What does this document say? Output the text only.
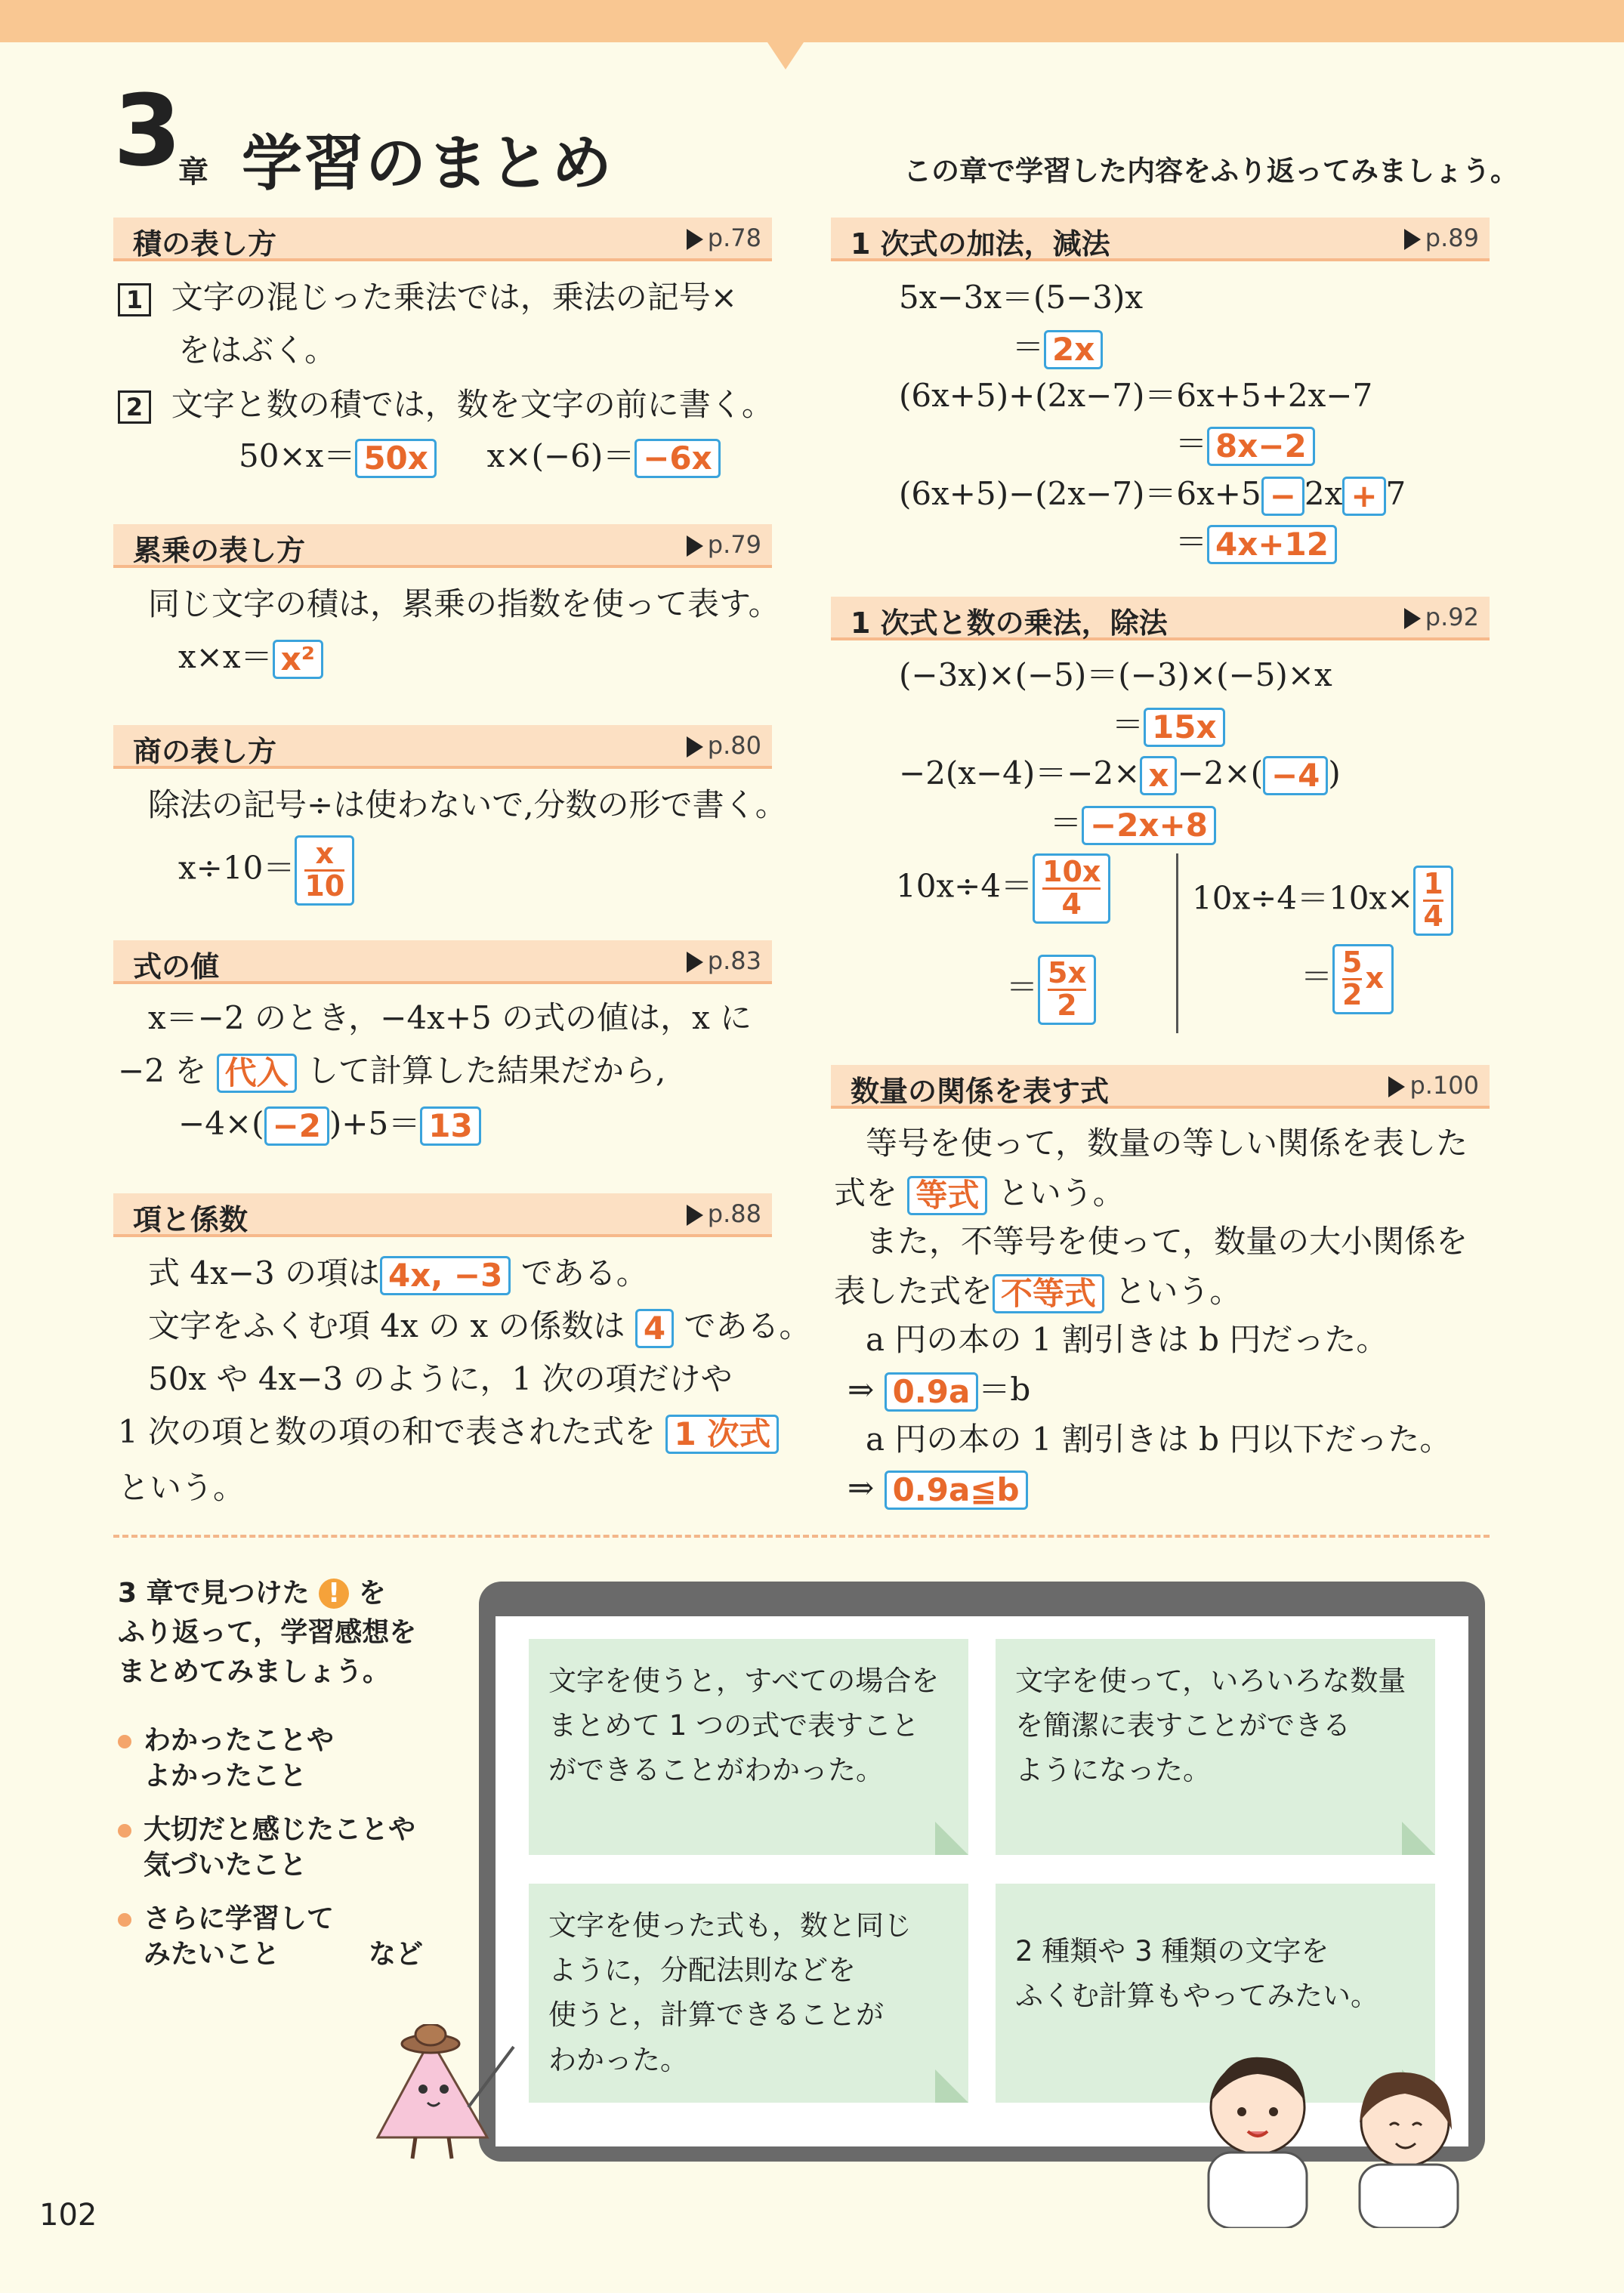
3
章 学習のまとめ	この章で学習した内容をふり返ってみましょう。
積の表し方	p.78
1 文字の混じった乗法では，乗法の記号×
をはぶく。
2 文字と数の積では，数を文字の前に書く。
50×x＝ 50x x×(−6)＝ −6x
累乗の表し方	p.79
同じ文字の積は，累乗の指数を使って表す。
x×x＝ x²
商の表し方	p.80
除法の記号÷は使わないで,分数の形で書く。
$x\div 10= \frac{x}{10}$
式の値	p.83
x＝−2 のとき，−4x+5 の式の値は，x に
−2 を 代入 して計算した結果だから,
−4×( −2 )+5＝ 13
項と係数	p.88
式 4x−3 の項は 4x, −3 である。
文字をふくむ項 4x の x の係数は 4 である。
50x や 4x−3 のように，1 次の項だけや
1 次の項と数の項の和で表された式を 1 次式
という。
1 次式の加法，減法	p.89
5x−3x＝(5−3)x
＝ 2x
(6x+5)+(2x−7)＝6x+5+2x−7
＝ 8x−2
(6x+5)−(2x−7)＝6x+5 − 2x + 7
＝ 4x+12
1 次式と数の乗法，除法	p.92
(−3x)×(−5)＝(−3)×(−5)×x
＝ 15x
−2(x−4)＝−2× x −2×( −4 )
＝ −2x+8
$10x\div 4= \frac{10x}{4}$
＝ $\frac{5x}{2}$
$10x\div 4=10x\times \frac{1}{4}$
＝ 5
2 x
数量の関係を表す式	p.100
等号を使って，数量の等しい関係を表した
式を 等式 という。
また，不等号を使って，数量の大小関係を
表した式を 不等式 という。
a 円の本の 1 割引きは b 円だった。
⇒ 0.9a ＝b
a 円の本の 1 割引きは b 円以下だった。
⇒ 0.9a≦b
3 章で見つけた ! を
ふり返って，学習感想を
まとめてみましょう。
わかったことや
よかったこと
大切だと感じたことや
気づいたこと
さらに学習して
みたいこと	など
文字を使うと，すべての場合を
まとめて 1 つの式で表すこと
ができることがわかった。
文字を使って，いろいろな数量
を簡潔に表すことができる
ようになった。
文字を使った式も，数と同じ
ように，分配法則などを
使うと，計算できることが
わかった。
2 種類や 3 種類の文字を
ふくむ計算もやってみたい。
102
